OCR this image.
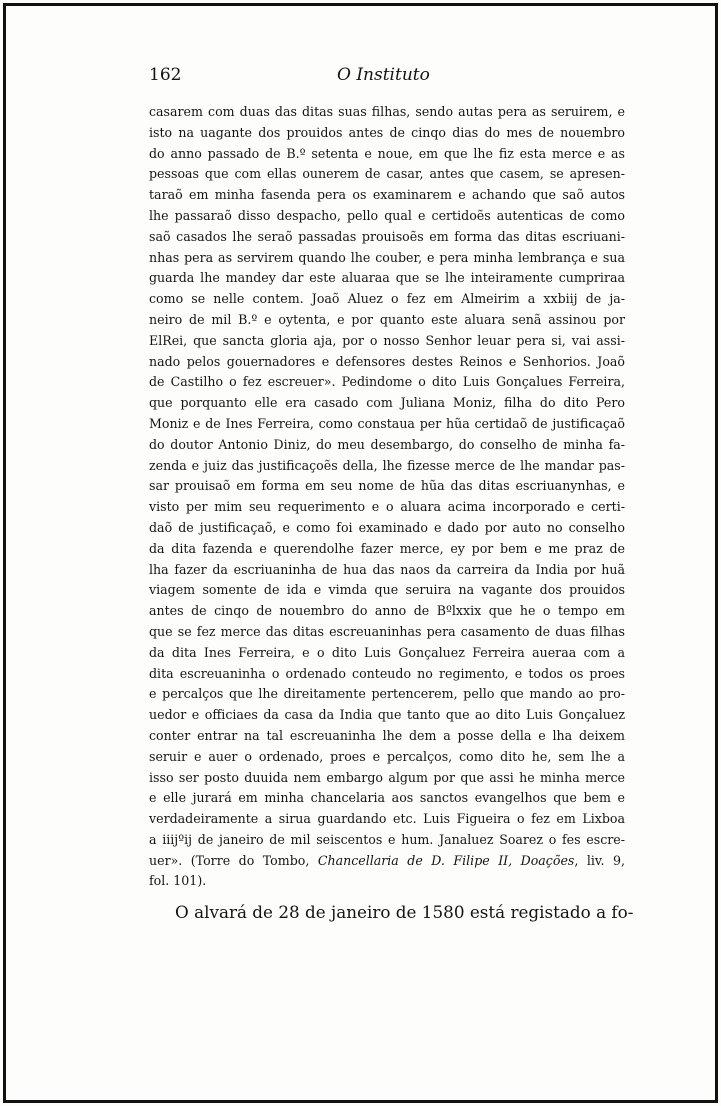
162	O Instituto
casarem com duas das ditas suas filhas, sendo autas pera as seruirem, e
isto na uagante dos prouidos antes de cinqo dias do mes de nouembro
do anno passado de B.º setenta e noue, em que lhe fiz esta merce e as
pessoas que com ellas ounerem de casar, antes que casem, se apresen-
taraõ em minha fasenda pera os examinarem e achando que saõ autos
lhe passaraõ disso despacho, pello qual e certidoẽs autenticas de como
saõ casados lhe seraõ passadas prouisoẽs em forma das ditas escriuani-
nhas pera as servirem quando lhe couber, e pera minha lembrança e sua
guarda lhe mandey dar este aluaraa que se lhe inteiramente cumpriraa
como se nelle contem. Joaõ Aluez o fez em Almeirim a xxbiij de ja-
neiro de mil B.º e oytenta, e por quanto este aluara senã assinou por
ElRei, que sancta gloria aja, por o nosso Senhor leuar pera si, vai assi-
nado pelos gouernadores e defensores destes Reinos e Senhorios. Joaõ
de Castilho o fez escreuer». Pedindome o dito Luis Gonçalues Ferreira,
que porquanto elle era casado com Juliana Moniz, filha do dito Pero
Moniz e de Ines Ferreira, como constaua per hũa certidaõ de justificaçaõ
do doutor Antonio Diniz, do meu desembargo, do conselho de minha fa-
zenda e juiz das justificaçoẽs della, lhe fizesse merce de lhe mandar pas-
sar prouisaõ em forma em seu nome de hũa das ditas escriuanynhas, e
visto per mim seu requerimento e o aluara acima incorporado e certi-
daõ de justificaçaõ, e como foi examinado e dado por auto no conselho
da dita fazenda e querendolhe fazer merce, ey por bem e me praz de
lha fazer da escriuaninha de hua das naos da carreira da India por huã
viagem somente de ida e vimda que seruira na vagante dos prouidos
antes de cinqo de nouembro do anno de Bºlxxix que he o tempo em
que se fez merce das ditas escreuaninhas pera casamento de duas filhas
da dita Ines Ferreira, e o dito Luis Gonçaluez Ferreira aueraa com a
dita escreuaninha o ordenado conteudo no regimento, e todos os proes
e percalços que lhe direitamente pertencerem, pello que mando ao pro-
uedor e officiaes da casa da India que tanto que ao dito Luis Gonçaluez
conter entrar na tal escreuaninha lhe dem a posse della e lha deixem
seruir e auer o ordenado, proes e percalços, como dito he, sem lhe a
isso ser posto duuida nem embargo algum por que assi he minha merce
e elle jurará em minha chancelaria aos sanctos evangelhos que bem e
verdadeiramente a sirua guardando etc. Luis Figueira o fez em Lixboa
a iiijºij de janeiro de mil seiscentos e hum. Janaluez Soarez o fes escre-
uer». (Torre do Tombo, Chancellaria de D. Filipe II, Doações, liv. 9,
fol. 101).
O alvará de 28 de janeiro de 1580 está registado a fo-
